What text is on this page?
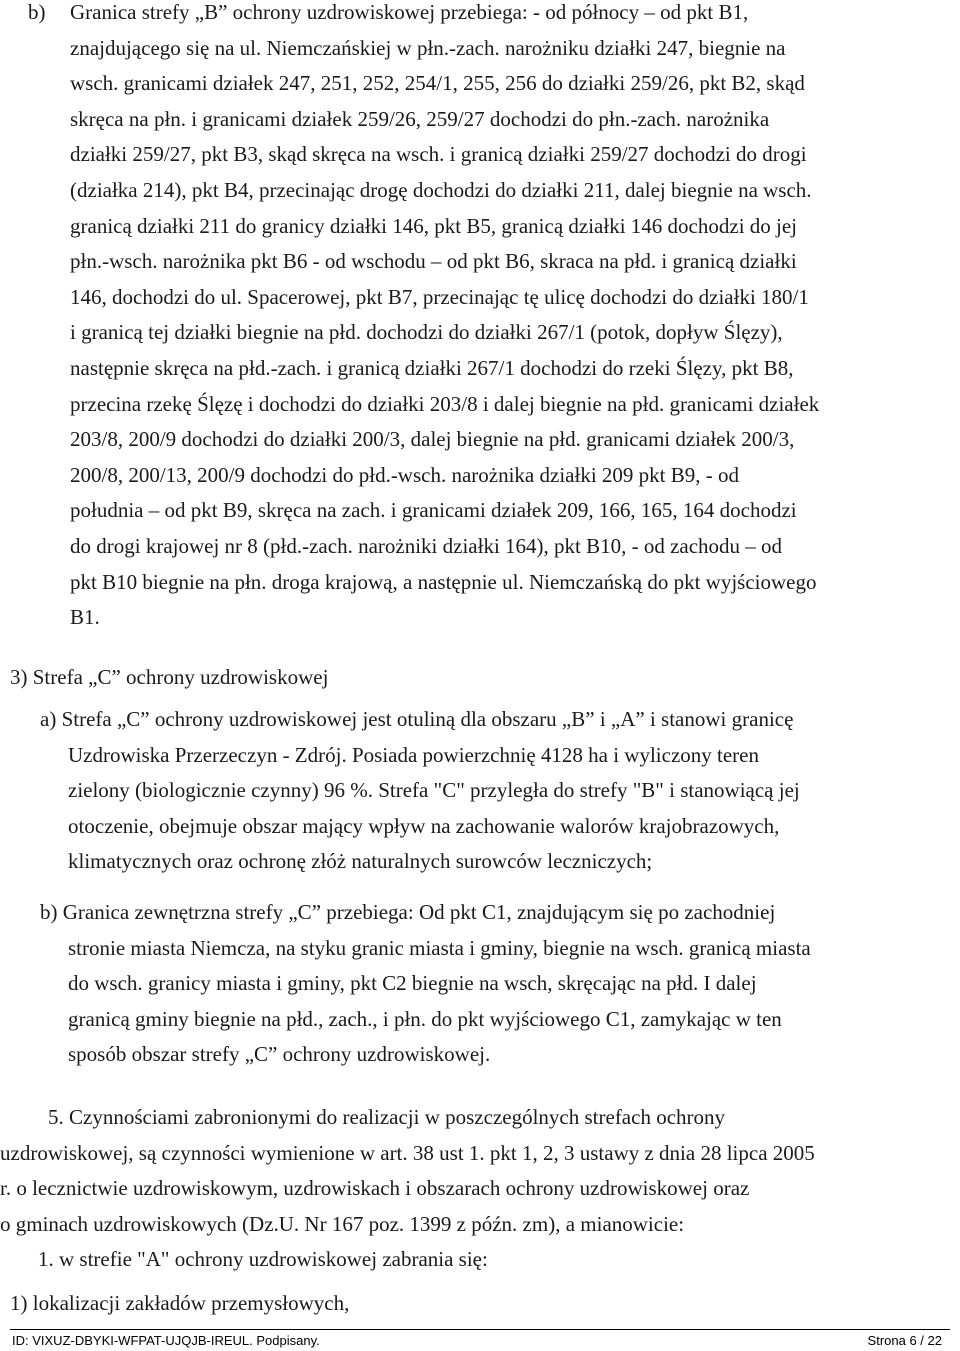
b) Granica strefy „B” ochrony uzdrowiskowej przebiega: - od północy – od pkt B1,
znajdującego się na ul. Niemczańskiej w płn.-zach. narożniku działki 247, biegnie na
wsch. granicami działek 247, 251, 252, 254/1, 255, 256 do działki 259/26, pkt B2, skąd
skręca na płn. i granicami działek 259/26, 259/27 dochodzi do płn.-zach. narożnika
działki 259/27, pkt B3, skąd skręca na wsch. i granicą działki 259/27 dochodzi do drogi
(działka 214), pkt B4, przecinając drogę dochodzi do działki 211, dalej biegnie na wsch.
granicą działki 211 do granicy działki 146, pkt B5, granicą działki 146 dochodzi do jej
płn.-wsch. narożnika pkt B6 - od wschodu – od pkt B6, skraca na płd. i granicą działki
146, dochodzi do ul. Spacerowej, pkt B7, przecinając tę ulicę dochodzi do działki 180/1
i granicą tej działki biegnie na płd. dochodzi do działki 267/1 (potok, dopływ Ślęzy),
następnie skręca na płd.-zach. i granicą działki 267/1 dochodzi do rzeki Ślęzy, pkt B8,
przecina rzekę Ślęzę i dochodzi do działki 203/8 i dalej biegnie na płd. granicami działek
203/8, 200/9 dochodzi do działki 200/3, dalej biegnie na płd. granicami działek 200/3,
200/8, 200/13, 200/9 dochodzi do płd.-wsch. narożnika działki 209 pkt B9, - od
południa – od pkt B9, skręca na zach. i granicami działek 209, 166, 165, 164 dochodzi
do drogi krajowej nr 8 (płd.-zach. narożniki działki 164), pkt B10, - od zachodu – od
pkt B10 biegnie na płn. droga krajową, a następnie ul. Niemczańską do pkt wyjściowego
B1.
3) Strefa „C” ochrony uzdrowiskowej
a) Strefa „C” ochrony uzdrowiskowej jest otuliną dla obszaru „B” i „A” i stanowi granicę
Uzdrowiska Przerzeczyn - Zdrój. Posiada powierzchnię 4128 ha i wyliczony teren
zielony (biologicznie czynny) 96 %. Strefa "C" przyległa do strefy "B" i stanowiącą jej
otoczenie, obejmuje obszar mający wpływ na zachowanie walorów krajobrazowych,
klimatycznych oraz ochronę złóż naturalnych surowców leczniczych;
b) Granica zewnętrzna strefy „C” przebiega: Od pkt C1, znajdującym się po zachodniej
stronie miasta Niemcza, na styku granic miasta i gminy, biegnie na wsch. granicą miasta
do wsch. granicy miasta i gminy, pkt C2 biegnie na wsch, skręcając na płd. I dalej
granicą gminy biegnie na płd., zach., i płn. do pkt wyjściowego C1, zamykając w ten
sposób obszar strefy „C” ochrony uzdrowiskowej.
5. Czynnościami zabronionymi do realizacji w poszczególnych strefach ochrony
uzdrowiskowej, są czynności wymienione w art. 38 ust 1. pkt 1, 2, 3 ustawy z dnia 28 lipca 2005
r. o lecznictwie uzdrowiskowym, uzdrowiskach i obszarach ochrony uzdrowiskowej oraz
o gminach uzdrowiskowych (Dz.U. Nr 167 poz. 1399 z późn. zm), a mianowicie:
1. w strefie "A" ochrony uzdrowiskowej zabrania się:
1) lokalizacji zakładów przemysłowych,
ID: VIXUZ-DBYKI-WFPAT-UJQJB-IREUL. Podpisany.	Strona 6 / 22
